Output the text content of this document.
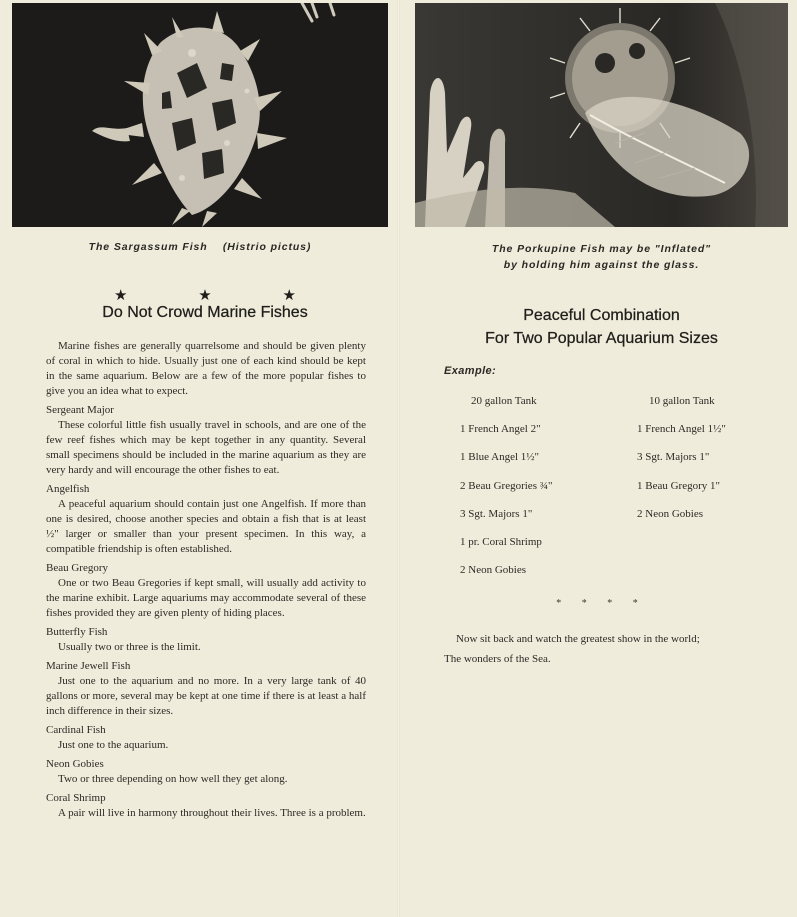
The Sargassum Fish    (Histrio pictus)	The Porkupine Fish may be "Inflated"
by holding him against the glass.
★ ★ ★
Do Not Crowd Marine Fishes

Marine fishes are generally quarrelsome and should be given plenty of coral in which to hide. Usually just one of each kind should be kept in the same aquarium. Below are a few of the more popular fishes to give you an idea what to expect.

Sergeant Major

These colorful little fish usually travel in schools, and are one of the few reef fishes which may be kept together in any quantity. Several small specimens should be included in the marine aquarium as they are very hardy and will encourage the other fishes to eat.

Angelfish

A peaceful aquarium should contain just one Angelfish. If more than one is desired, choose another species and obtain a fish that is at least ½" larger or smaller than your present specimen. In this way, a compatible friendship is often established.

Beau Gregory

One or two Beau Gregories if kept small, will usually add activity to the marine exhibit. Large aquariums may accommodate several of these fishes provided they are given plenty of hiding places.

Butterfly Fish

Usually two or three is the limit.

Marine Jewell Fish

Just one to the aquarium and no more. In a very large tank of 40 gallons or more, several may be kept at one time if there is at least a half inch difference in their sizes.

Cardinal Fish

Just one to the aquarium.

Neon Gobies

Two or three depending on how well they get along.

Coral Shrimp

A pair will live in harmony throughout their lives. Three is a problem.

Peaceful Combination
For Two Popular Aquarium Sizes
Example:
20 gallon Tank
1 French Angel 2"
1 Blue Angel 1½"
2 Beau Gregories ¾"
3 Sgt. Majors 1"
1 pr. Coral Shrimp
2 Neon Gobies
10 gallon Tank
1 French Angel 1½"
3 Sgt. Majors 1"
1 Beau Gregory 1"
2 Neon Gobies
* * * *

Now sit back and watch the greatest show in the world;

The wonders of the Sea.
